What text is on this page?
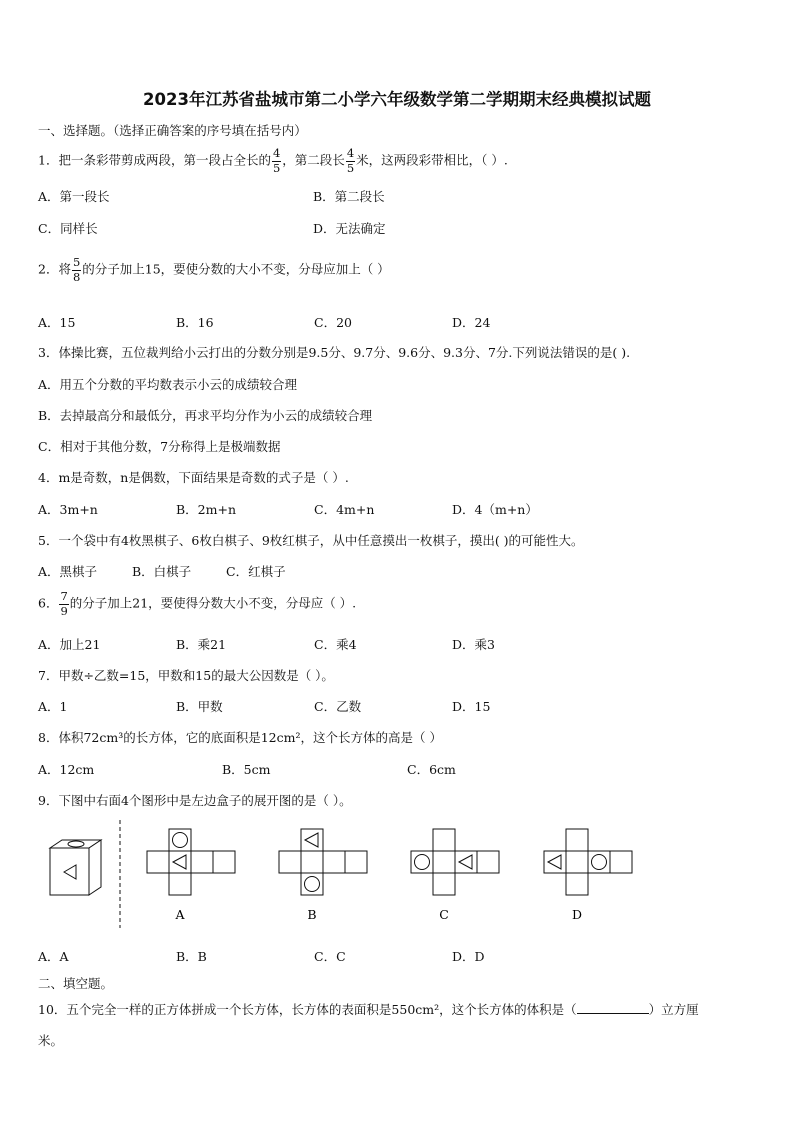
2023年江苏省盐城市第二小学六年级数学第二学期期末经典模拟试题
一、选择题。（选择正确答案的序号填在括号内）
1．把一条彩带剪成两段，第一段占全长的 $\frac{4}{5}$ ，第二段长 $\frac{4}{5}$ 米，这两段彩带相比，（ ）.
A．第一段长	B．第二段长
C．同样长	D．无法确定
2．将 $\frac{5}{8}$ 的分子加上15，要使分数的大小不变，分母应加上（ ）
A．15	B．16	C．20	D．24
3．体操比赛，五位裁判给小云打出的分数分别是9.5分、9.7分、9.6分、9.3分、7分.下列说法错误的是( ).
A．用五个分数的平均数表示小云的成绩较合理
B．去掉最高分和最低分，再求平均分作为小云的成绩较合理
C．相对于其他分数，7分称得上是极端数据
4．m是奇数，n是偶数，下面结果是奇数的式子是（ ）.
A．3m+n	B．2m+n	C．4m+n	D．4（m+n）
5．一个袋中有4枚黑棋子、6枚白棋子、9枚红棋子，从中任意摸出一枚棋子，摸出( )的可能性大。
A．黑棋子	B．白棋子	C．红棋子
6． $\frac{7}{9}$ 的分子加上21，要使得分数大小不变，分母应（ ）.
A．加上21	B．乘21	C．乘4	D．乘3
7．甲数÷乙数=15，甲数和15的最大公因数是（ ）。
A．1	B．甲数	C．乙数	D．15
8．体积72cm³的长方体，它的底面积是12cm²，这个长方体的高是（ ）
A．12cm	B．5cm	C．6cm
9．下图中右面4个图形中是左边盒子的展开图的是（ ）。
A	B	C	D
A．A	B．B	C．C	D．D
二、填空题。
10．五个完全一样的正方体拼成一个长方体，长方体的表面积是550cm²，这个长方体的体积是（	）立方厘
米。
